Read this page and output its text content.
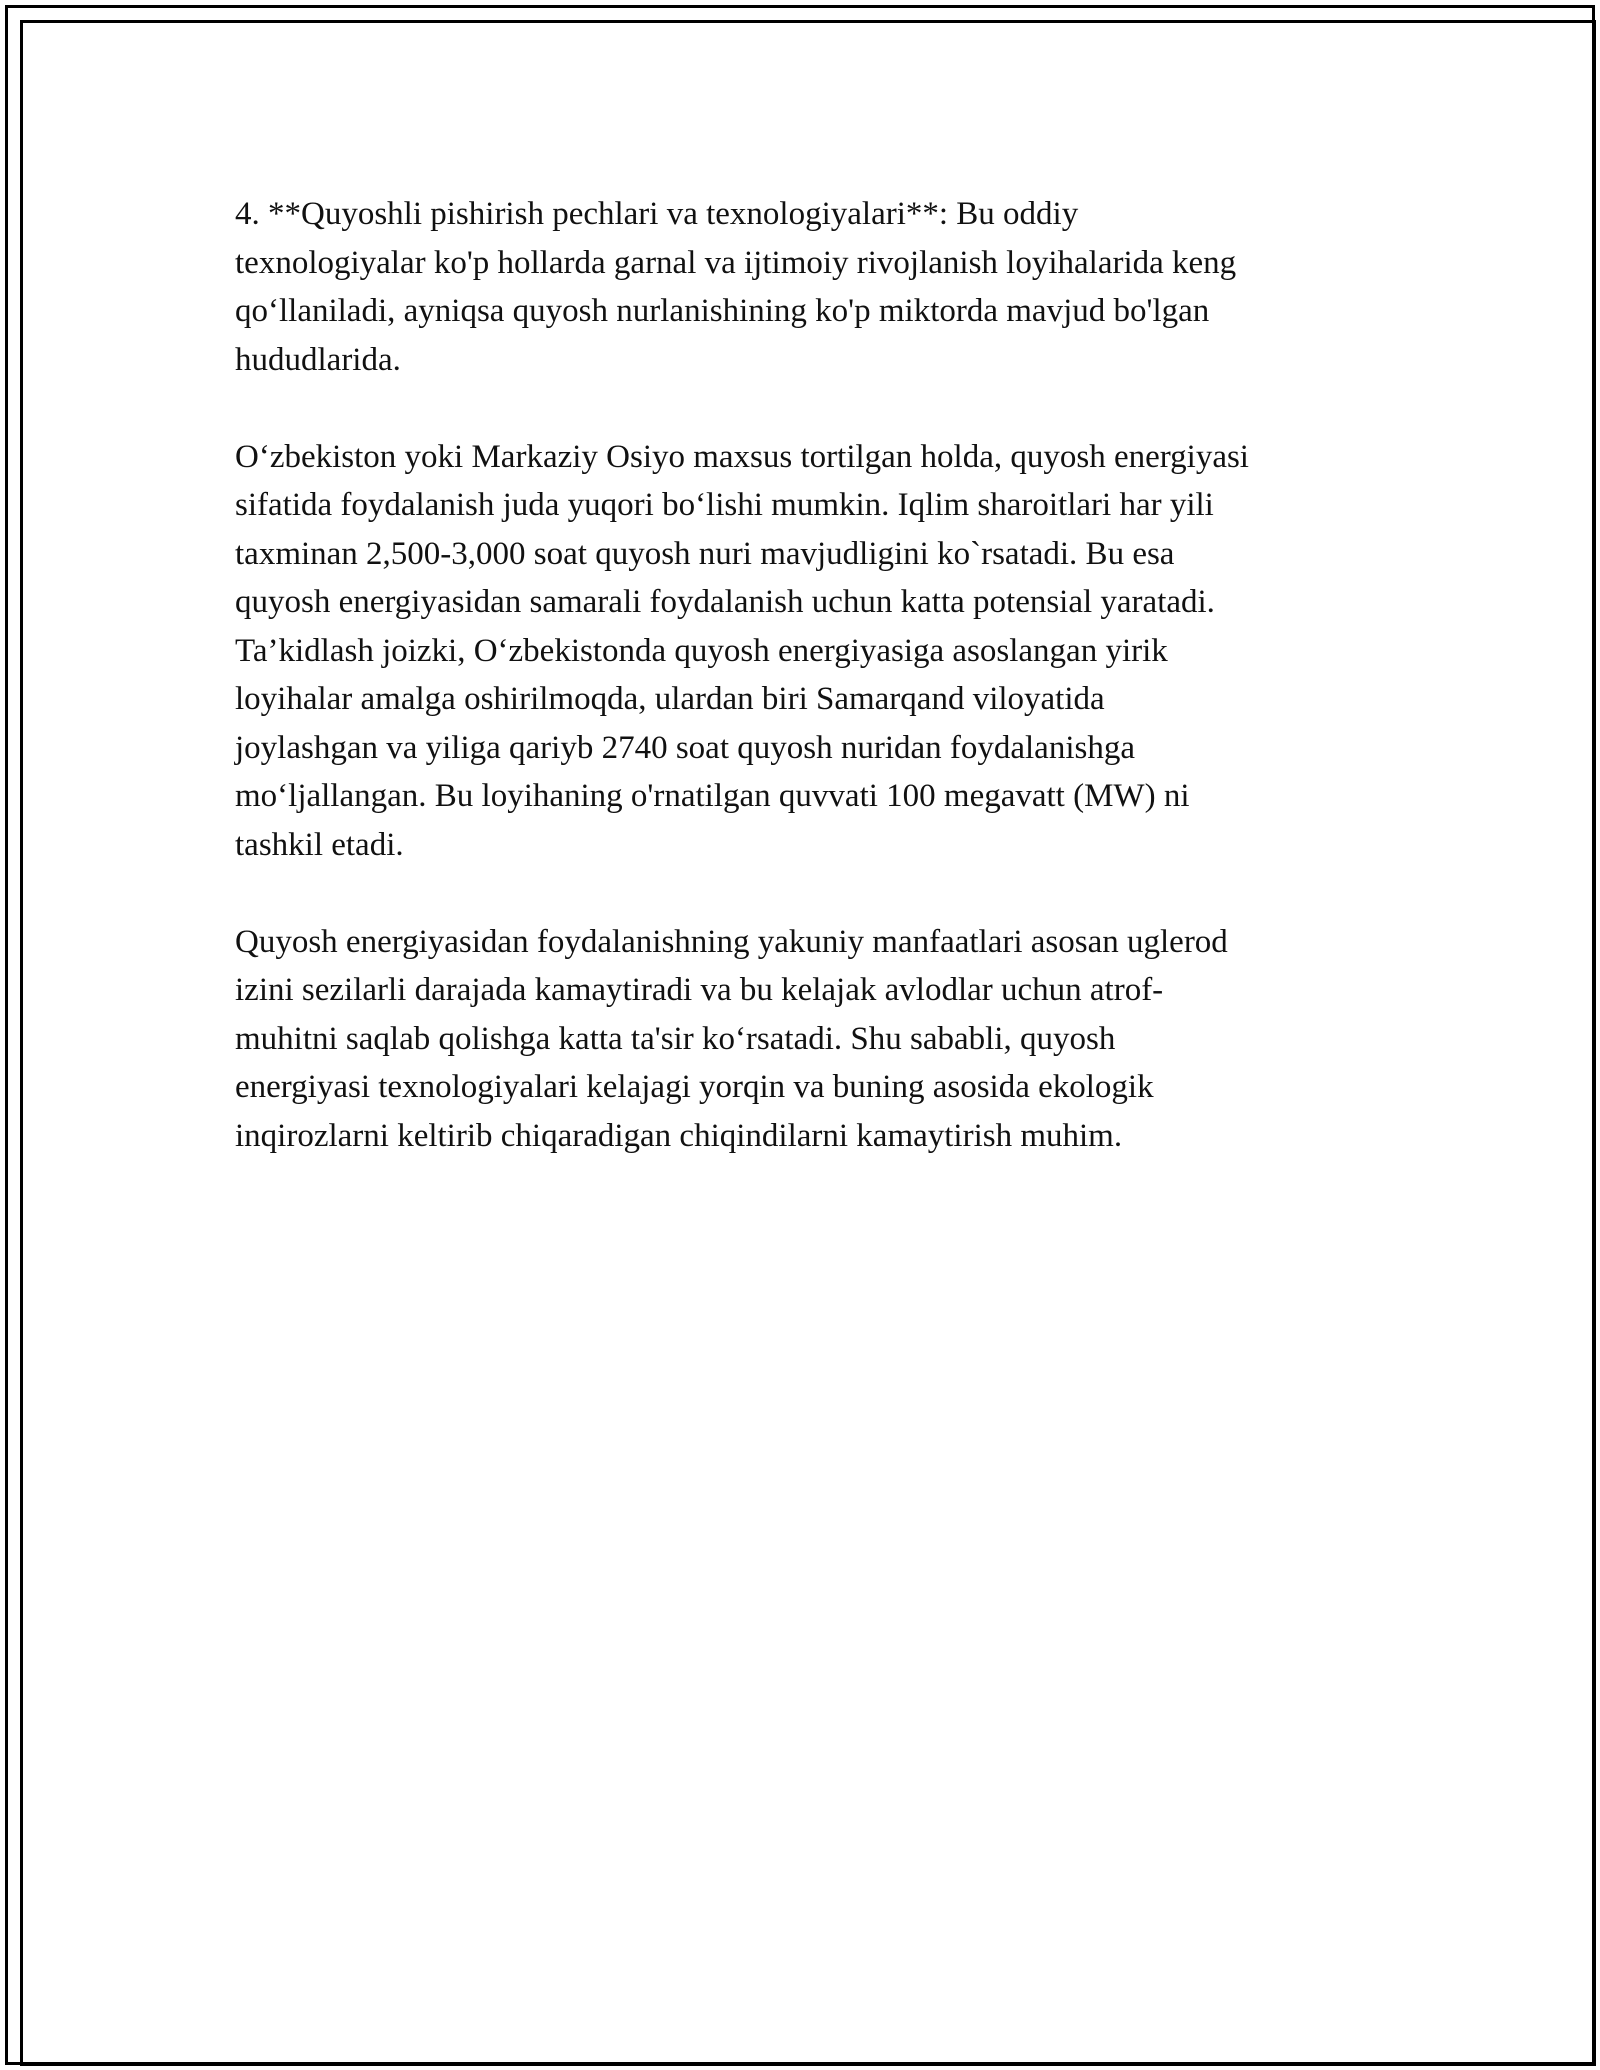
4. **Quyoshli pishirish pechlari va texnologiyalari**: Bu oddiy
texnologiyalar ko'p hollarda garnal va ijtimoiy rivojlanish loyihalarida keng
qo‘llaniladi, ayniqsa quyosh nurlanishining ko'p miktorda mavjud bo'lgan
hududlarida.

O‘zbekiston yoki Markaziy Osiyo maxsus tortilgan holda, quyosh energiyasi
sifatida foydalanish juda yuqori bo‘lishi mumkin. Iqlim sharoitlari har yili
taxminan 2,500-3,000 soat quyosh nuri mavjudligini ko`rsatadi. Bu esa
quyosh energiyasidan samarali foydalanish uchun katta potensial yaratadi.
Ta’kidlash joizki, O‘zbekistonda quyosh energiyasiga asoslangan yirik
loyihalar amalga oshirilmoqda, ulardan biri Samarqand viloyatida
joylashgan va yiliga qariyb 2740 soat quyosh nuridan foydalanishga
mo‘ljallangan. Bu loyihaning o'rnatilgan quvvati 100 megavatt (MW) ni
tashkil etadi.

Quyosh energiyasidan foydalanishning yakuniy manfaatlari asosan uglerod
izini sezilarli darajada kamaytiradi va bu kelajak avlodlar uchun atrof-
muhitni saqlab qolishga katta ta'sir ko‘rsatadi. Shu sababli, quyosh
energiyasi texnologiyalari kelajagi yorqin va buning asosida ekologik
inqirozlarni keltirib chiqaradigan chiqindilarni kamaytirish muhim.
